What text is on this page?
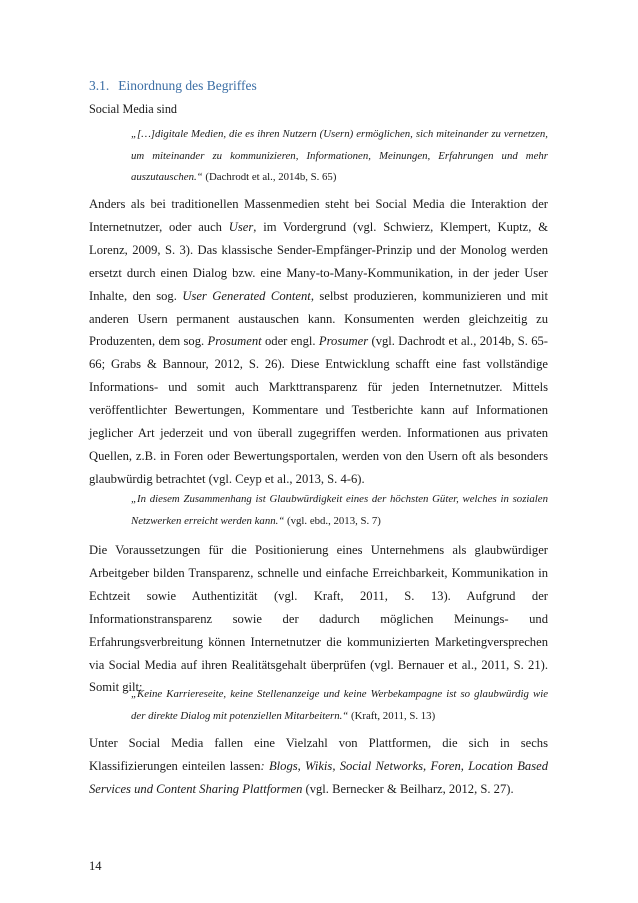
3.1. Einordnung des Begriffes
Social Media sind
„[…]digitale Medien, die es ihren Nutzern (Usern) ermöglichen, sich miteinander zu vernetzen, um miteinander zu kommunizieren, Informationen, Meinungen, Erfahrungen und mehr auszutauschen.“ (Dachrodt et al., 2014b, S. 65)
Anders als bei traditionellen Massenmedien steht bei Social Media die Interaktion der Internetnutzer, oder auch User, im Vordergrund (vgl. Schwierz, Klempert, Kuptz, & Lorenz, 2009, S. 3). Das klassische Sender-Empfänger-Prinzip und der Monolog werden ersetzt durch einen Dialog bzw. eine Many-to-Many-Kommunikation, in der jeder User Inhalte, den sog. User Generated Content, selbst produzieren, kommunizieren und mit anderen Usern permanent austauschen kann. Konsumenten werden gleichzeitig zu Produzenten, dem sog. Prosument oder engl. Prosumer (vgl. Dachrodt et al., 2014b, S. 65-66; Grabs & Bannour, 2012, S. 26). Diese Entwicklung schafft eine fast vollständige Informations- und somit auch Markttransparenz für jeden Internetnutzer. Mittels veröffentlichter Bewertungen, Kommentare und Testberichte kann auf Informationen jeglicher Art jederzeit und von überall zugegriffen werden. Informationen aus privaten Quellen, z.B. in Foren oder Bewertungsportalen, werden von den Usern oft als besonders glaubwürdig betrachtet (vgl. Ceyp et al., 2013, S. 4-6).
„In diesem Zusammenhang ist Glaubwürdigkeit eines der höchsten Güter, welches in sozialen Netzwerken erreicht werden kann.“ (vgl. ebd., 2013, S. 7)
Die Voraussetzungen für die Positionierung eines Unternehmens als glaubwürdiger Arbeitgeber bilden Transparenz, schnelle und einfache Erreichbarkeit, Kommunikation in Echtzeit sowie Authentizität (vgl. Kraft, 2011, S. 13). Aufgrund der Informationstransparenz sowie der dadurch möglichen Meinungs- und Erfahrungsverbreitung können Internetnutzer die kommunizierten Marketingversprechen via Social Media auf ihren Realitätsgehalt überprüfen (vgl. Bernauer et al., 2011, S. 21). Somit gilt:
„Keine Karriereseite, keine Stellenanzeige und keine Werbekampagne ist so glaubwürdig wie der direkte Dialog mit potenziellen Mitarbeitern.“ (Kraft, 2011, S. 13)
Unter Social Media fallen eine Vielzahl von Plattformen, die sich in sechs Klassifizierungen einteilen lassen: Blogs, Wikis, Social Networks, Foren, Location Based Services und Content Sharing Plattformen (vgl. Bernecker & Beilharz, 2012, S. 27).
14
